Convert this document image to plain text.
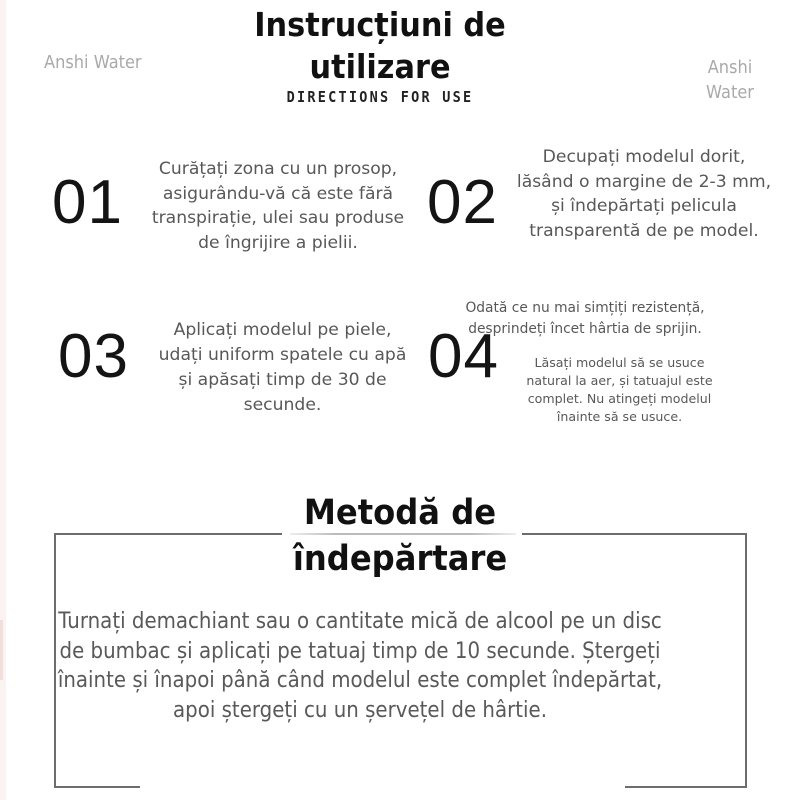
Anshi Water	Anshi Water
Instrucțiuni de utilizare
DIRECTIONS FOR USE
01	Curățați zona cu un prosop, asigurându-vă că este fără transpirație, ulei sau produse de îngrijire a pielii.

02

Decupați modelul dorit, lăsând o margine de 2-3 mm, și îndepărtați pelicula transparentă de pe model.

03	Aplicați modelul pe piele, udați uniform spatele cu apă și apăsați timp de 30 de secunde.

04

Odată ce nu mai simțiți rezistență, desprindeți încet hârtia de sprijin.

Lăsați modelul să se usuce natural la aer, și tatuajul este complet. Nu atingeți modelul înainte să se usuce.

Metodă de îndepărtare

Turnați demachiant sau o cantitate mică de alcool pe un disc de bumbac și aplicați pe tatuaj timp de 10 secunde. Ștergeți înainte și înapoi până când modelul este complet îndepărtat, apoi ștergeți cu un șervețel de hârtie.
